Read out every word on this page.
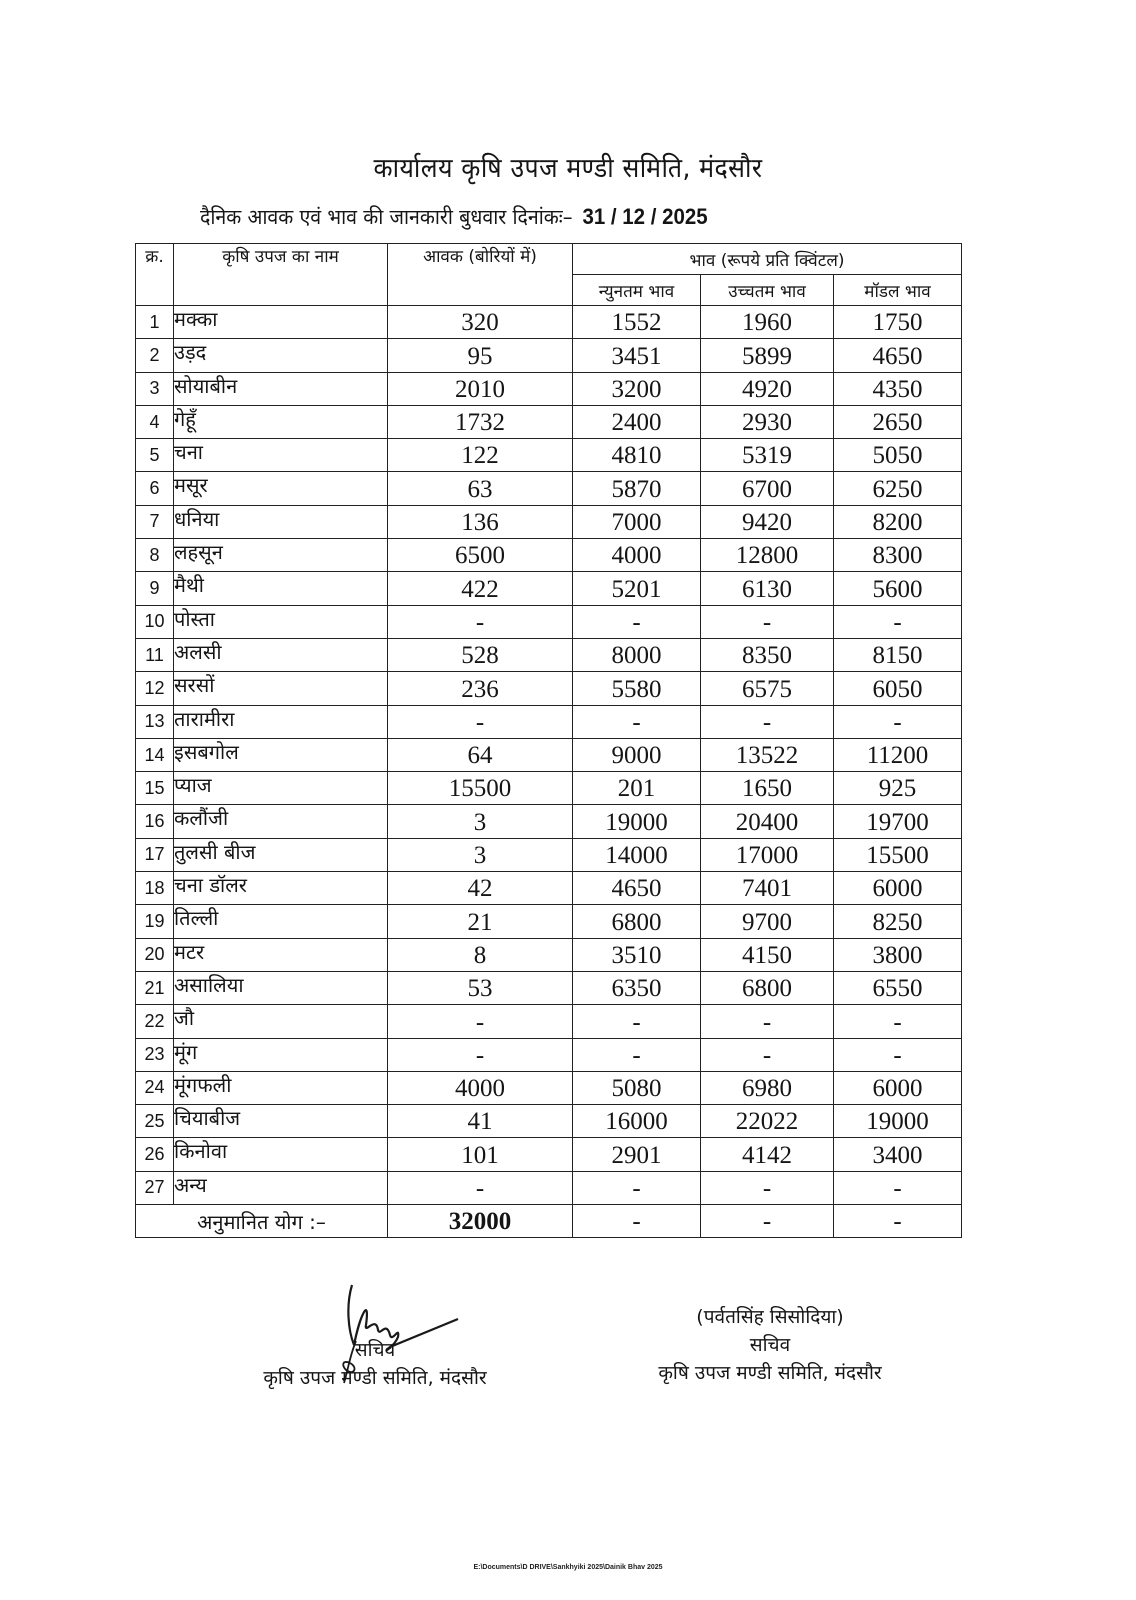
कार्यालय कृषि उपज मण्डी समिति, मंदसौर
दैनिक आवक एवं भाव की जानकारी बुधवार दिनांकः– 31 / 12 / 2025
क्र.	कृषि उपज का नाम	आवक (बोरियों में)	भाव (रूपये प्रति क्विंटल)		
			न्युनतम भाव	उच्चतम भाव	मॉडल भाव
1	मक्का	320	1552	1960	1750
2	उड़द	95	3451	5899	4650
3	सोयाबीन	2010	3200	4920	4350
4	गेहूँ	1732	2400	2930	2650
5	चना	122	4810	5319	5050
6	मसूर	63	5870	6700	6250
7	धनिया	136	7000	9420	8200
8	लहसून	6500	4000	12800	8300
9	मैथी	422	5201	6130	5600
10	पोस्ता	-	-	-	-
11	अलसी	528	8000	8350	8150
12	सरसों	236	5580	6575	6050
13	तारामीरा	-	-	-	-
14	इसबगोल	64	9000	13522	11200
15	प्याज	15500	201	1650	925
16	कलौंजी	3	19000	20400	19700
17	तुलसी बीज	3	14000	17000	15500
18	चना डॉलर	42	4650	7401	6000
19	तिल्ली	21	6800	9700	8250
20	मटर	8	3510	4150	3800
21	असालिया	53	6350	6800	6550
22	जौ	-	-	-	-
23	मूंग	-	-	-	-
24	मूंगफली	4000	5080	6980	6000
25	चियाबीज	41	16000	22022	19000
26	किनोवा	101	2901	4142	3400
27	अन्य	-	-	-	-
अनुमानित योग :–		32000	-	-	-
सचिव
कृषि उपज मण्डी समिति, मंदसौर
(पर्वतसिंह सिसोदिया)
सचिव
कृषि उपज मण्डी समिति, मंदसौर
E:\Documents\D DRIVE\Sankhyiki 2025\Dainik Bhav 2025
